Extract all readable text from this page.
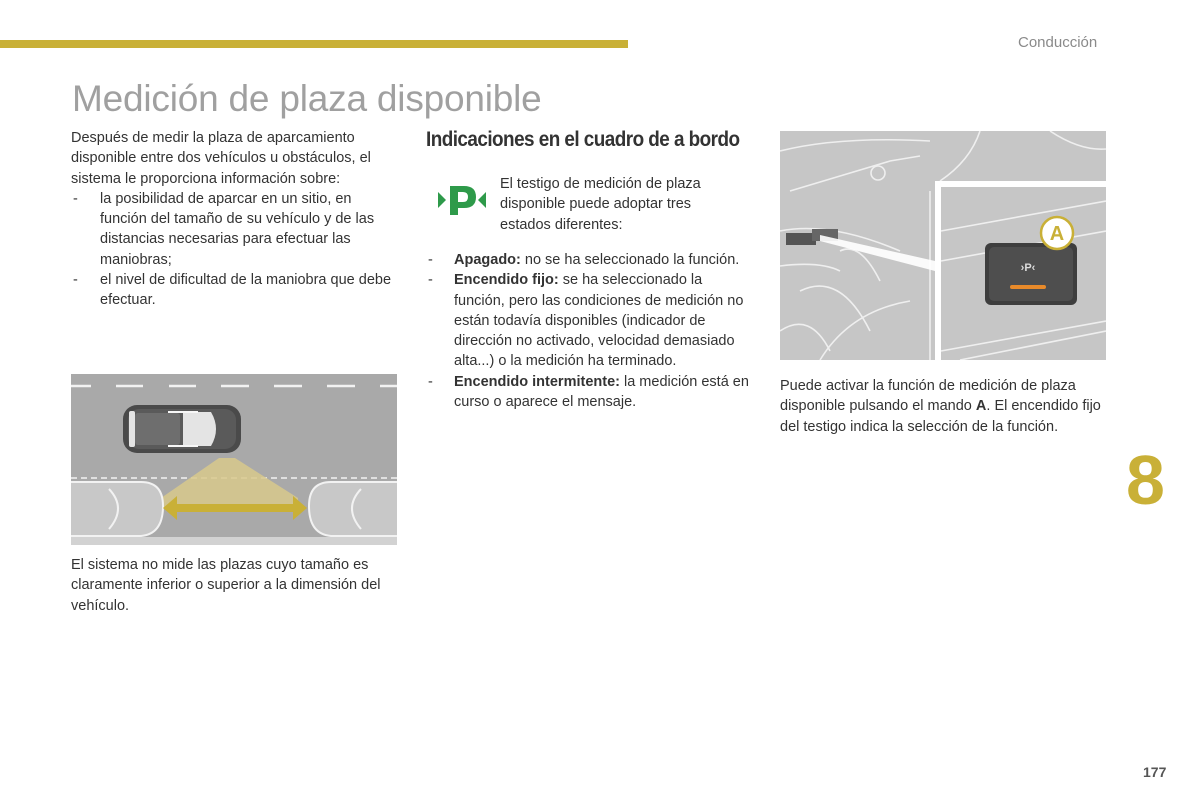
Conducción
Medición de plaza disponible

Después de medir la plaza de aparcamiento disponible entre dos vehículos u obstáculos, el sistema le proporciona información sobre:

- la posibilidad de aparcar en un sitio, en función del tamaño de su vehículo y de las distancias necesarias para efectuar las maniobras;
- el nivel de dificultad de la maniobra que debe efectuar.

El sistema no mide las plazas cuyo tamaño es claramente inferior o superior a la dimensión del vehículo.

Indicaciones en el cuadro de a bordo

El testigo de medición de plaza disponible puede adoptar tres estados diferentes:

- Apagado: no se ha seleccionado la función.
- Encendido fijo: se ha seleccionado la función, pero las condiciones de medición no están todavía disponibles (indicador de dirección no activado, velocidad demasiado alta...) o la medición ha terminado.
- Encendido intermitente: la medición está en curso o aparece el mensaje.
›P‹
A

Puede activar la función de medición de plaza disponible pulsando el mando A. El encendido fijo del testigo indica la selección de la función.

8
177
